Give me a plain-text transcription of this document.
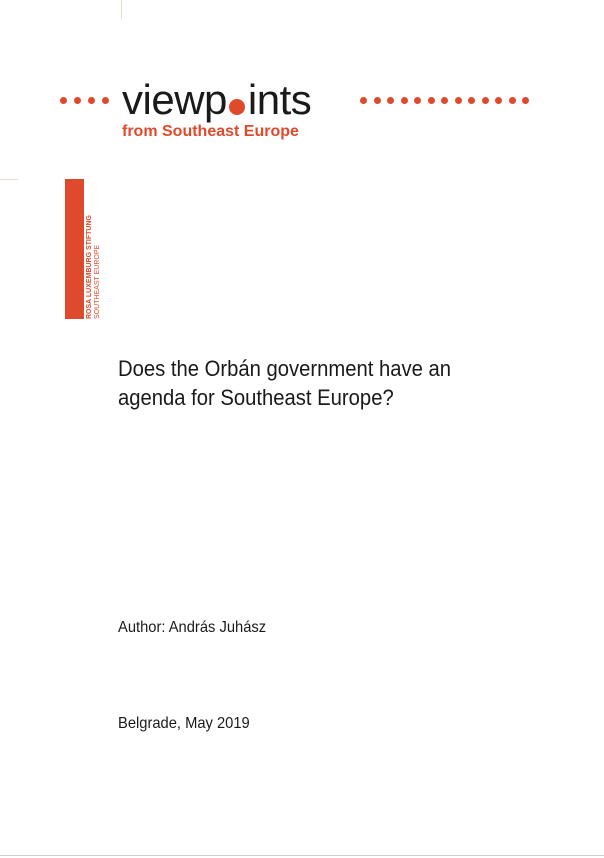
viewp ints
from Southeast Europe
ROSA LUXEMBURG STIFTUNG SOUTHEAST EUROPE
Does the Orbán government have an agenda for Southeast Europe?
Author: András Juhász
Belgrade, May 2019
